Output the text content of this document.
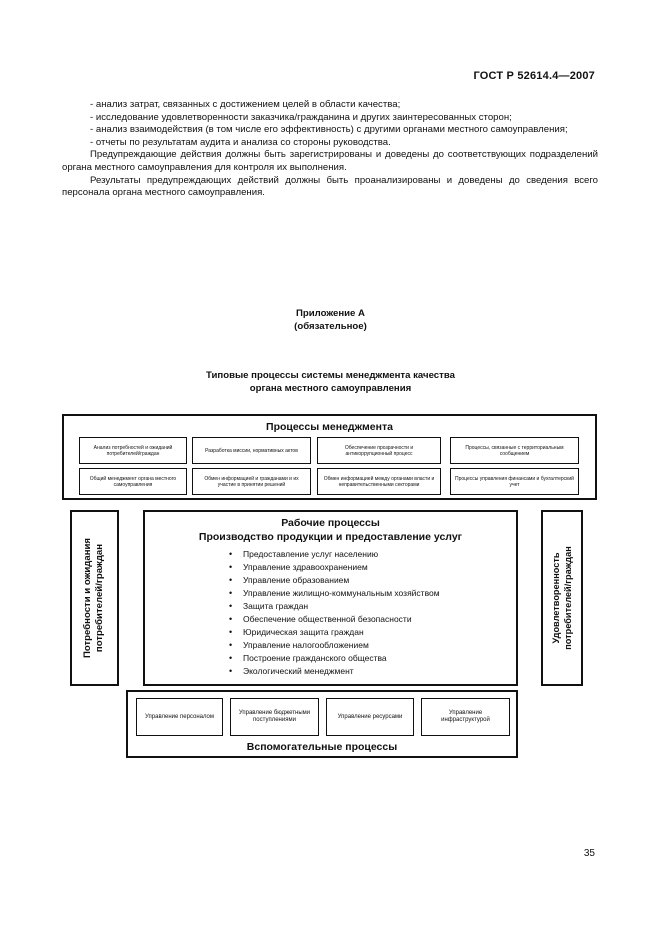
ГОСТ Р 52614.4—2007

- анализ затрат, связанных с достижением целей в области качества;

- исследование удовлетворенности заказчика/гражданина и других заинтересованных сторон;

- анализ взаимодействия (в том числе его эффективность) с другими органами местного самоуправления;

- отчеты по результатам аудита и анализа со стороны руководства.

Предупреждающие действия должны быть зарегистрированы и доведены до соответствующих подразделений органа местного самоуправления для контроля их выполнения.

Результаты предупреждающих действий должны быть проанализированы и доведены до сведения всего персонала органа местного самоуправления.

Приложение А
(обязательное)
Типовые процессы системы менеджмента качества
органа местного самоуправления
Процессы менеджмента
Анализ потребностей и ожиданий потребителей/граждан	Разработка миссии, нормативных актов	Обеспечение прозрачности и антикоррупционный процесс
Процессы, связанные с территориальным сообщением
Общий менеджмент органа местного самоуправления
Обмен информацией и гражданами и их участие в принятии решений
Обмен информацией между органами власти и неправительственными секторами
Процессы управления финансами и бухгалтерский учет
Потребности и ожидания потребителей/граждан	Удовлетворенность потребителей/граждан
Рабочие процессы
Производство продукции и предоставление услуг
• Предоставление услуг населению
• Управление здравоохранением
• Управление образованием
• Управление жилищно-коммунальным хозяйством
• Защита граждан
• Обеспечение общественной безопасности
• Юридическая защита граждан
• Управление налогообложением
• Построение гражданского общества
• Экологический менеджмент
Вспомогательные процессы
Управление персоналом
Управление бюджетными поступлениями
Управление ресурсами
Управление инфраструктурой
35
